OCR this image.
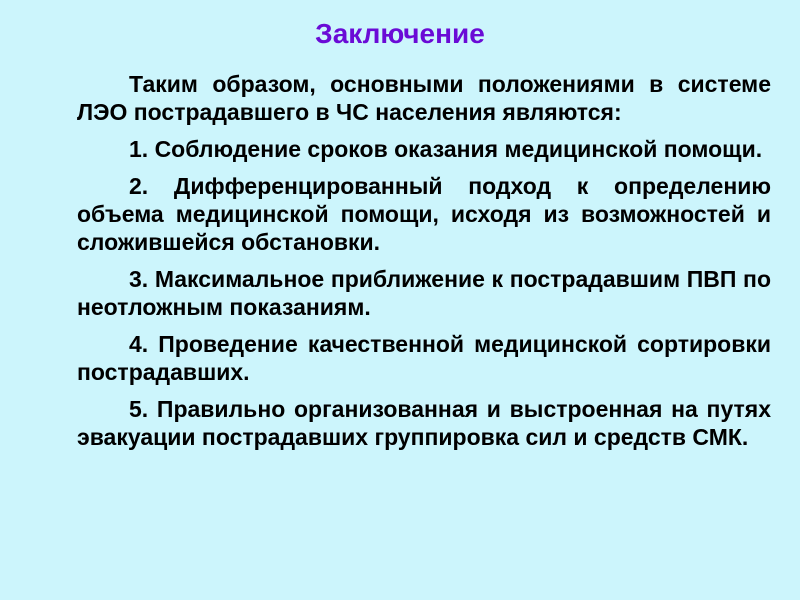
Заключение

Таким образом, основными положениями в системе ЛЭО пострадавшего в ЧС населения являются:

1. Соблюдение сроков оказания медицинской помощи.

2. Дифференцированный подход к определению объема медицинской помощи, исходя из возможностей и сложившейся обстановки.

3. Максимальное приближение к пострадавшим ПВП по неотложным показаниям.

4. Проведение качественной медицинской сортировки пострадавших.

5. Правильно организованная и выстроенная на путях эвакуации пострадавших группировка сил и средств СМК.
